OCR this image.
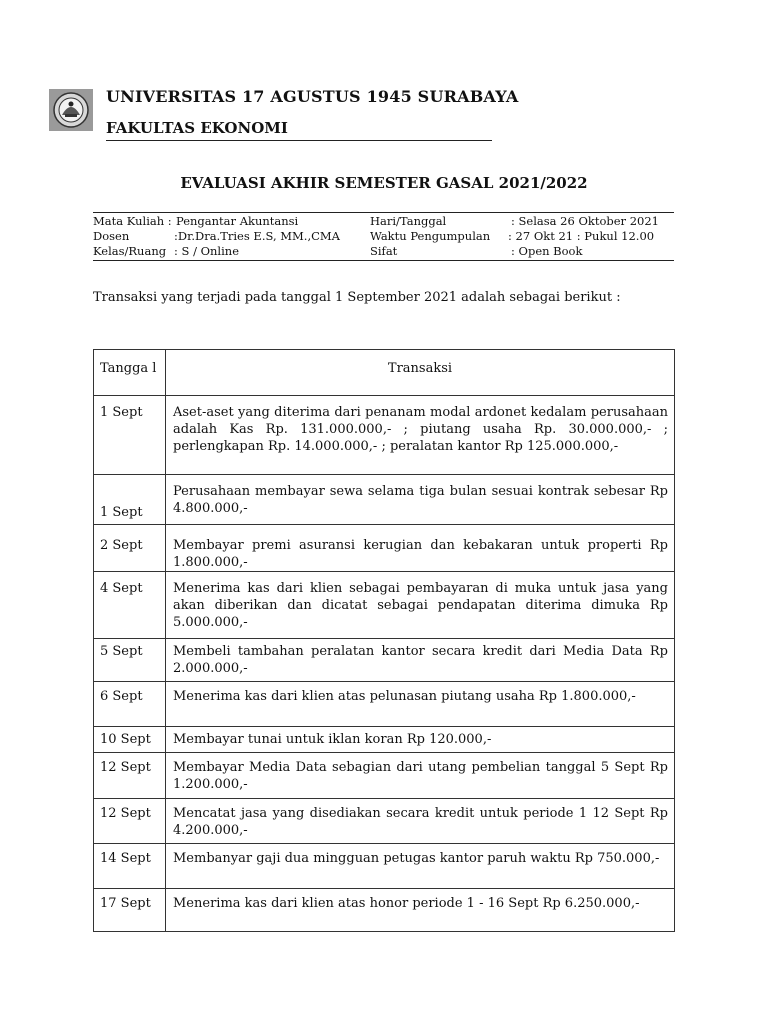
UNIVERSITAS 17 AGUSTUS 1945 SURABAYA
FAKULTAS EKONOMI
EVALUASI AKHIR SEMESTER GASAL 2021/2022
Mata Kuliah : Pengantar Akuntansi
Dosen	:Dr.Dra.Tries E.S, MM.,CMA
Kelas/Ruang : S / Online
Hari/Tanggal	: Selasa 26 Oktober 2021
Waktu Pengumpulan : 27 Okt 21 : Pukul 12.00
Sifat	: Open Book
Transaksi yang terjadi pada tanggal 1 September 2021 adalah sebagai berikut :
Tangga l	Transaksi
1 Sept	Aset-aset yang diterima dari penanam modal ardonet kedalam perusahaan adalah Kas Rp. 131.000.000,- ; piutang usaha Rp. 30.000.000,- ; perlengkapan Rp. 14.000.000,- ; peralatan kantor Rp 125.000.000,-
1 Sept	Perusahaan membayar sewa selama tiga bulan sesuai kontrak sebesar Rp 4.800.000,-
2 Sept	Membayar premi asuransi kerugian dan kebakaran untuk properti Rp 1.800.000,-
4 Sept	Menerima kas dari klien sebagai pembayaran di muka untuk jasa yang akan diberikan dan dicatat sebagai pendapatan diterima dimuka Rp 5.000.000,-
5 Sept	Membeli tambahan peralatan kantor secara kredit dari Media Data Rp 2.000.000,-
6 Sept	Menerima kas dari klien atas pelunasan piutang usaha Rp 1.800.000,-
10 Sept	Membayar tunai untuk iklan koran Rp 120.000,-
12 Sept	Membayar Media Data sebagian dari utang pembelian tanggal 5 Sept Rp 1.200.000,-
12 Sept	Mencatat jasa yang disediakan secara kredit untuk periode 1 12 Sept Rp 4.200.000,-
14 Sept	Membanyar gaji dua mingguan petugas kantor paruh waktu Rp 750.000,-
17 Sept	Menerima kas dari klien atas honor periode 1 - 16 Sept Rp 6.250.000,-
